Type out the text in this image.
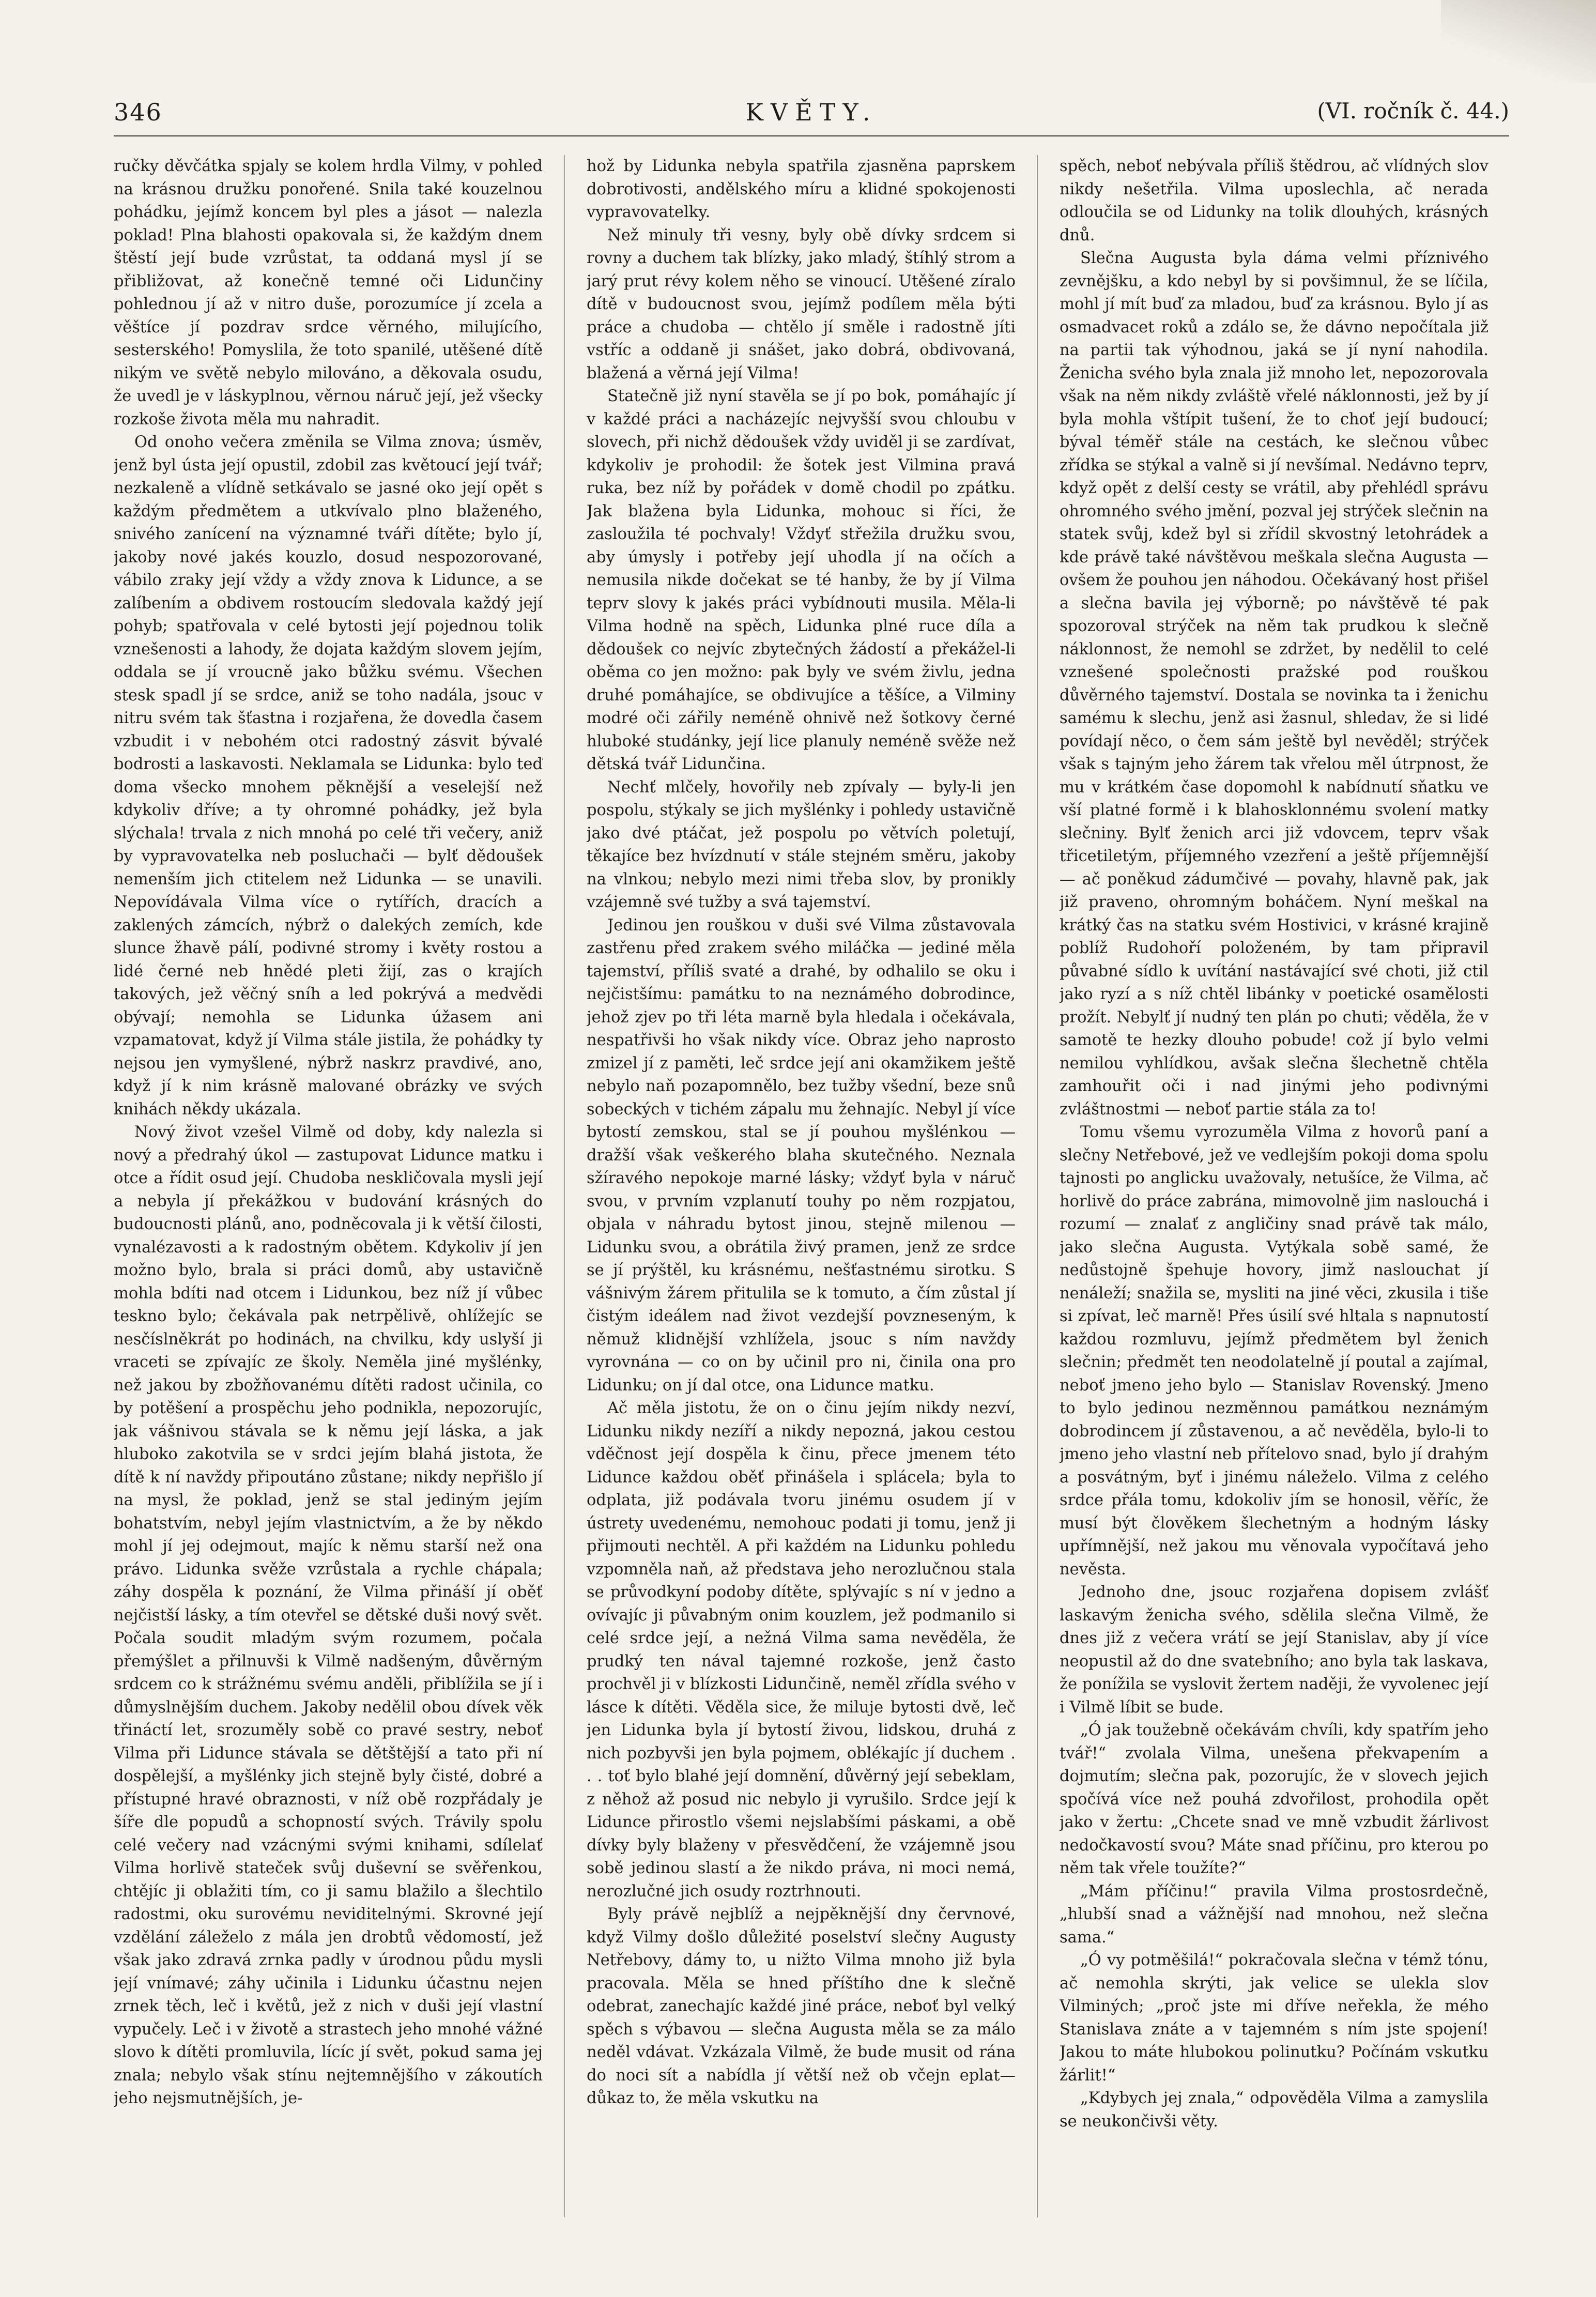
KVĚTY.
346	(VI. ročník č. 44.)

ručky děvčátka spjaly se kolem hrdla Vilmy, v pohled na krásnou družku ponořené. Snila také kouzelnou pohádku, jejímž koncem byl ples a jásot — nalezla poklad! Plna blahosti opakovala si, že každým dnem štěstí její bude vzrůstat, ta oddaná mysl jí se přibližovat, až konečně temné oči Lidunčiny pohlednou jí až v nitro duše, porozumíce jí zcela a věštíce jí pozdrav srdce věrného, milujícího, sesterského! Pomyslila, že toto spanilé, utěšené dítě nikým ve světě nebylo milováno, a děkovala osudu, že uvedl je v láskyplnou, věrnou náruč její, jež všecky rozkoše života měla mu nahradit.

Od onoho večera změnila se Vilma znova; úsměv, jenž byl ústa její opustil, zdobil zas květoucí její tvář; nezkaleně a vlídně setkávalo se jasné oko její opět s každým předmětem a utkvívalo plno blaženého, snivého zanícení na významné tváři dítěte; bylo jí, jakoby nové jakés kouzlo, dosud nespozorované, vábilo zraky její vždy a vždy znova k Lidunce, a se zalíbením a obdivem rostoucím sledovala každý její pohyb; spatřovala v celé bytosti její pojednou tolik vznešenosti a lahody, že dojata každým slovem jejím, oddala se jí vroucně jako bůžku svému. Všechen stesk spadl jí se srdce, aniž se toho nadála, jsouc v nitru svém tak šťastna i rozjařena, že dovedla časem vzbudit i v nebohém otci radostný zásvit bývalé bodrosti a laskavosti. Neklamala se Lidunka: bylo teď doma všecko mnohem pěknější a veselejší než kdykoliv dříve; a ty ohromné pohádky, jež byla slýchala! trvala z nich mnohá po celé tři večery, aniž by vypravovatelka neb posluchači — bylť dědoušek nemenším jich ctitelem než Lidunka — se unavili. Nepovídávala Vilma více o rytířích, dracích a zaklených zámcích, nýbrž o dalekých zemích, kde slunce žhavě pálí, podivné stromy i květy rostou a lidé černé neb hnědé pleti žijí, zas o krajích takových, jež věčný sníh a led pokrývá a medvědi obývají; nemohla se Lidunka úžasem ani vzpamatovat, když jí Vilma stále jistila, že pohádky ty nejsou jen vymyšlené, nýbrž naskrz pravdivé, ano, když jí k nim krásně malované obrázky ve svých knihách někdy ukázala.

Nový život vzešel Vilmě od doby, kdy nalezla si nový a předrahý úkol — zastupovat Lidunce matku i otce a řídit osud její. Chudoba neskličovala mysli její a nebyla jí překážkou v budování krásných do budoucnosti plánů, ano, podněcovala ji k větší čilosti, vynalézavosti a k radostným obětem. Kdykoliv jí jen možno bylo, brala si práci domů, aby ustavičně mohla bdíti nad otcem i Lidunkou, bez níž jí vůbec teskno bylo; čekávala pak netrpělivě, ohlížejíc se nesčíslněkrát po hodinách, na chvilku, kdy uslyší ji vraceti se zpívajíc ze školy. Neměla jiné myšlénky, než jakou by zbožňovanému dítěti radost učinila, co by potěšení a prospěchu jeho podnikla, nepozorujíc, jak vášnivou stávala se k němu její láska, a jak hluboko zakotvila se v srdci jejím blahá jistota, že dítě k ní navždy připoutáno zůstane; nikdy nepřišlo jí na mysl, že poklad, jenž se stal jediným jejím bohatstvím, nebyl jejím vlastnictvím, a že by někdo mohl jí jej odejmout, majíc k němu starší než ona právo. Lidunka svěže vzrůstala a rychle chápala; záhy dospěla k poznání, že Vilma přináší jí oběť nejčistší lásky, a tím otevřel se dětské duši nový svět. Počala soudit mladým svým rozumem, počala přemýšlet a přilnuvši k Vilmě nadšeným, důvěrným srdcem co k strážnému svému anděli, přiblížila se jí i důmyslnějším duchem. Jakoby nedělil obou dívek věk třináctí let, srozuměly sobě co pravé sestry, neboť Vilma při Lidunce stávala se dětštější a tato při ní dospělejší, a myšlénky jich stejně byly čisté, dobré a přístupné hravé obraznosti, v níž obě rozpřádaly je šíře dle popudů a schopností svých. Trávily spolu celé večery nad vzácnými svými knihami, sdílelať Vilma horlivě stateček svůj duševní se svěřenkou, chtějíc ji oblažiti tím, co ji samu blažilo a šlechtilo radostmi, oku surovému neviditelnými. Skrovné její vzdělání záleželo z mála jen drobtů vědomostí, jež však jako zdravá zrnka padly v úrodnou půdu mysli její vnímavé; záhy učinila i Lidunku účastnu nejen zrnek těch, leč i květů, jež z nich v duši její vlastní vypučely. Leč i v životě a strastech jeho mnohé vážné slovo k dítěti promluvila, lícíc jí svět, pokud sama jej znala; nebylo však stínu nejtemnějšího v zákoutích jeho nejsmutnějších, je-

hož by Lidunka nebyla spatřila zjasněna paprskem dobrotivosti, andělského míru a klidné spokojenosti vypravovatelky.

Než minuly tři vesny, byly obě dívky srdcem si rovny a duchem tak blízky, jako mladý, štíhlý strom a jarý prut révy kolem něho se vinoucí. Utěšené zíralo dítě v budoucnost svou, jejímž podílem měla býti práce a chudoba — chtělo jí směle i radostně jíti vstříc a oddaně ji snášet, jako dobrá, obdivovaná, blažená a věrná její Vilma!

Statečně již nyní stavěla se jí po bok, pomáhajíc jí v každé práci a nacházejíc nejvyšší svou chloubu v slovech, při nichž dědoušek vždy uviděl ji se zardívat, kdykoliv je prohodil: že šotek jest Vilmina pravá ruka, bez níž by pořádek v domě chodil po zpátku. Jak blažena byla Lidunka, mohouc si říci, že zasloužila té pochvaly! Vždyť střežila družku svou, aby úmysly i potřeby její uhodla jí na očích a nemusila nikde dočekat se té hanby, že by jí Vilma teprv slovy k jakés práci vybídnouti musila. Měla-li Vilma hodně na spěch, Lidunka plné ruce díla a dědoušek co nejvíc zbytečných žádostí a překážel-li oběma co jen možno: pak byly ve svém živlu, jedna druhé pomáhajíce, se obdivujíce a těšíce, a Vilminy modré oči zářily neméně ohnivě než šotkovy černé hluboké studánky, její lice planuly neméně svěže než dětská tvář Lidunčina.

Nechť mlčely, hovořily neb zpívaly — byly-li jen pospolu, stýkaly se jich myšlénky i pohledy ustavičně jako dvé ptáčat, jež pospolu po větvích poletují, těkajíce bez hvízdnutí v stále stejném směru, jakoby na vlnkou; nebylo mezi nimi třeba slov, by pronikly vzájemně své tužby a svá tajemství.

Jedinou jen rouškou v duši své Vilma zůstavovala zastřenu před zrakem svého miláčka — jediné měla tajemství, příliš svaté a drahé, by odhalilo se oku i nejčistšímu: památku to na neznámého dobrodince, jehož zjev po tři léta marně byla hledala i očekávala, nespatřivši ho však nikdy více. Obraz jeho naprosto zmizel jí z paměti, leč srdce její ani okamžikem ještě nebylo naň pozapomnělo, bez tužby všední, beze snů sobeckých v tichém zápalu mu žehnajíc. Nebyl jí více bytostí zemskou, stal se jí pouhou myšlénkou — dražší však veškerého blaha skutečného. Neznala sžíravého nepokoje marné lásky; vždyť byla v náruč svou, v prvním vzplanutí touhy po něm rozpjatou, objala v náhradu bytost jinou, stejně milenou — Lidunku svou, a obrátila živý pramen, jenž ze srdce se jí prýštěl, ku krásnému, nešťastnému sirotku. S vášnivým žárem přitulila se k tomuto, a čím zůstal jí čistým ideálem nad život vezdejší povzneseným, k němuž klidnější vzhlížela, jsouc s ním navždy vyrovnána — co on by učinil pro ni, činila ona pro Lidunku; on jí dal otce, ona Lidunce matku.

Ač měla jistotu, že on o činu jejím nikdy nezví, Lidunku nikdy nezíří a nikdy nepozná, jakou cestou vděčnost její dospěla k činu, přece jmenem této Lidunce každou oběť přinášela i splácela; byla to odplata, již podávala tvoru jinému osudem jí v ústrety uvedenému, nemohouc podati ji tomu, jenž ji přijmouti nechtěl. A při každém na Lidunku pohledu vzpomněla naň, až představa jeho nerozlučnou stala se průvodkyní podoby dítěte, splývajíc s ní v jedno a ovívajíc ji půvabným onim kouzlem, jež podmanilo si celé srdce její, a nežná Vilma sama nevěděla, že prudký ten nával tajemné rozkoše, jenž často prochvěl ji v blízkosti Lidunčině, neměl zřídla svého v lásce k dítěti. Věděla sice, že miluje bytosti dvě, leč jen Lidunka byla jí bytostí živou, lidskou, druhá z nich pozbyvši jen byla pojmem, oblékajíc jí duchem . . . toť bylo blahé její domnění, důvěrný její sebeklam, z něhož až posud nic nebylo ji vyrušilo. Srdce její k Lidunce přirostlo všemi nejslabšími páskami, a obě dívky byly blaženy v přesvědčení, že vzájemně jsou sobě jedinou slastí a že nikdo práva, ni moci nemá, nerozlučné jich osudy roztrhnouti.

Byly právě nejblíž a nejpěknější dny červnové, když Vilmy došlo důležité poselství slečny Augusty Netřebovy, dámy to, u nižto Vilma mnoho již byla pracovala. Měla se hned příštího dne k slečně odebrat, zanechajíc každé jiné práce, neboť byl velký spěch s výbavou — slečna Augusta měla se za málo neděl vdávat. Vzkázala Vilmě, že bude musit od rána do noci sít a nabídla jí větší než ob včejn eplat— důkaz to, že měla vskutku na

spěch, neboť nebývala příliš štědrou, ač vlídných slov nikdy nešetřila. Vilma uposlechla, ač nerada odloučila se od Lidunky na tolik dlouhých, krásných dnů.

Slečna Augusta byla dáma velmi příznivého zevnějšku, a kdo nebyl by si povšimnul, že se líčila, mohl jí mít buď za mladou, buď za krásnou. Bylo jí as osmadvacet roků a zdálo se, že dávno nepočítala již na partii tak výhodnou, jaká se jí nyní nahodila. Ženicha svého byla znala již mnoho let, nepozorovala však na něm nikdy zvláště vřelé náklonnosti, jež by jí byla mohla vštípit tušení, že to choť její budoucí; býval téměř stále na cestách, ke slečnou vůbec zřídka se stýkal a valně si jí nevšímal. Nedávno teprv, když opět z delší cesty se vrátil, aby přehlédl správu ohromného svého jmění, pozval jej strýček slečnin na statek svůj, kdež byl si zřídil skvostný letohrádek a kde právě také návštěvou meškala slečna Augusta — ovšem že pouhou jen náhodou. Očekávaný host přišel a slečna bavila jej výborně; po návštěvě té pak spozoroval strýček na něm tak prudkou k slečně náklonnost, že nemohl se zdržet, by nedělil to celé vznešené společnosti pražské pod rouškou důvěrného tajemství. Dostala se novinka ta i ženichu samému k slechu, jenž asi žasnul, shledav, že si lidé povídají něco, o čem sám ještě byl nevěděl; strýček však s tajným jeho žárem tak vřelou měl útrpnost, že mu v krátkém čase dopomohl k nabídnutí sňatku ve vší platné formě i k blahosklonnému svolení matky slečniny. Bylť ženich arci již vdovcem, teprv však třicetiletým, příjemného vzezření a ještě příjemnější — ač poněkud zádumčivé — povahy, hlavně pak, jak již praveno, ohromným boháčem. Nyní meškal na krátký čas na statku svém Hostivici, v krásné krajině poblíž Rudohoří položeném, by tam připravil půvabné sídlo k uvítání nastávající své choti, již ctil jako ryzí a s níž chtěl libánky v poetické osamělosti prožít. Nebylť jí nudný ten plán po chuti; věděla, že v samotě te hezky dlouho pobude! což jí bylo velmi nemilou vyhlídkou, avšak slečna šlechetně chtěla zamhouřit oči i nad jinými jeho podivnými zvláštnostmi — neboť partie stála za to!

Tomu všemu vyrozuměla Vilma z hovorů paní a slečny Netřebové, jež ve vedlejším pokoji doma spolu tajnosti po anglicku uvažovaly, netušíce, že Vilma, ač horlivě do práce zabrána, mimovolně jim naslouchá i rozumí — znalať z angličiny snad právě tak málo, jako slečna Augusta. Vytýkala sobě samé, že nedůstojně špehuje hovory, jimž naslouchat jí nenáleží; snažila se, mysliti na jiné věci, zkusila i tiše si zpívat, leč marně! Přes úsilí své hltala s napnutostí každou rozmluvu, jejímž předmětem byl ženich slečnin; předmět ten neodolatelně jí poutal a zajímal, neboť jmeno jeho bylo — Stanislav Rovenský. Jmeno to bylo jedinou nezměnnou památkou neznámým dobrodincem jí zůstavenou, a ač nevěděla, bylo-li to jmeno jeho vlastní neb přítelovo snad, bylo jí drahým a posvátným, byť i jinému náleželo. Vilma z celého srdce přála tomu, kdokoliv jím se honosil, věříc, že musí být člověkem šlechetným a hodným lásky upřímnější, než jakou mu věnovala vypočítavá jeho nevěsta.

Jednoho dne, jsouc rozjařena dopisem zvlášť laskavým ženicha svého, sdělila slečna Vilmě, že dnes již z večera vrátí se její Stanislav, aby jí více neopustil až do dne svatebního; ano byla tak laskava, že ponížila se vyslovit žertem naději, že vyvolenec její i Vilmě líbit se bude.

„Ó jak toužebně očekávám chvíli, kdy spatřím jeho tvář!“ zvolala Vilma, unešena překvapením a dojmutím; slečna pak, pozorujíc, že v slovech jejich spočívá více než pouhá zdvořilost, prohodila opět jako v žertu: „Chcete snad ve mně vzbudit žárlivost nedočkavostí svou? Máte snad příčinu, pro kterou po něm tak vřele toužíte?“

„Mám příčinu!“ pravila Vilma prostosrdečně, „hlubší snad a vážnější nad mnohou, než slečna sama.“

„Ó vy potměšilá!“ pokračovala slečna v témž tónu, ač nemohla skrýti, jak velice se ulekla slov Vilminých; „proč jste mi dříve neřekla, že mého Stanislava znáte a v tajemném s ním jste spojení! Jakou to máte hlubokou polinutku? Počínám vskutku žárlit!“

„Kdybych jej znala,“ odpověděla Vilma a zamyslila se neukončivši věty.
